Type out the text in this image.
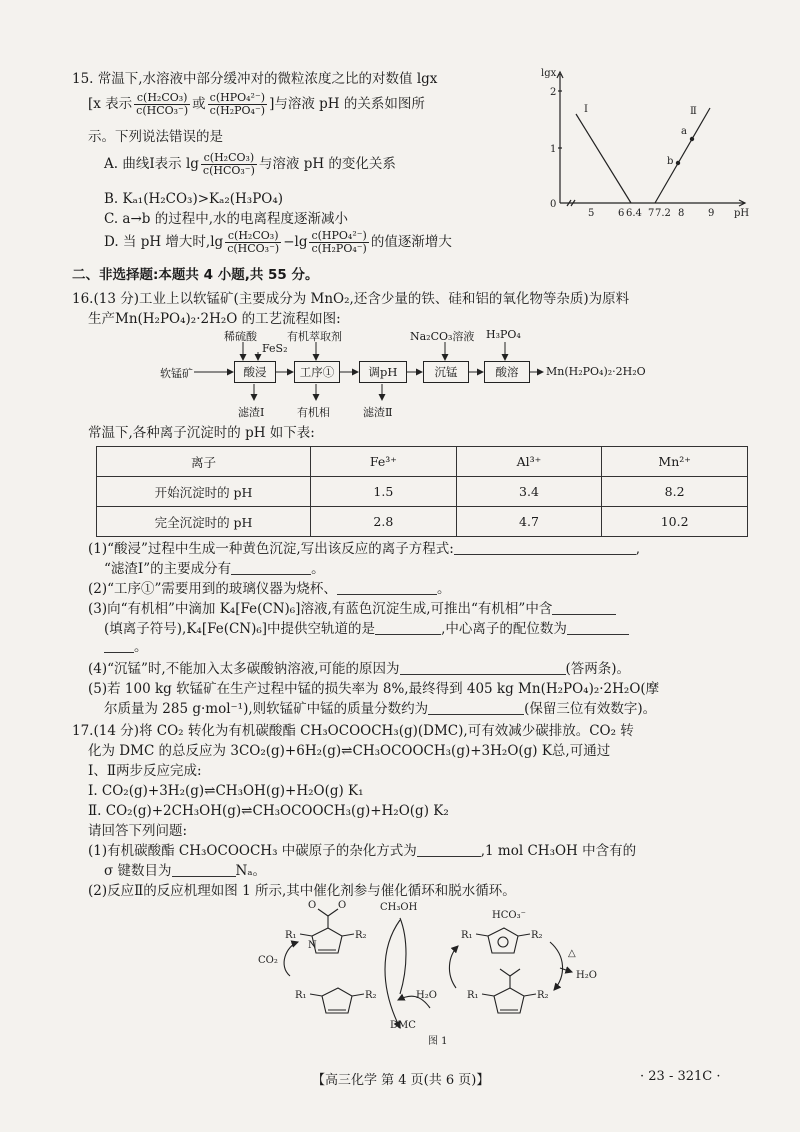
15. 常温下,水溶液中部分缓冲对的微粒浓度之比的对数值 lgx
[x 表示 $\frac{\text{c(H₂CO₃)}}{\text{c(HCO₃⁻)}}$ 或 $\frac{\text{c(HPO₄²⁻)}}{\text{c(H₂PO₄⁻)}}$ ]与溶液 pH 的关系如图所
示。下列说法错误的是
A. 曲线Ⅰ表示 $\lg \frac{\text{c(H₂CO₃)}}{\text{c(HCO₃⁻)}}$ 与溶液 pH 的变化关系
B. Kₐ₁(H₂CO₃)>Kₐ₂(H₃PO₄)
C. a→b 的过程中,水的电离程度逐渐减小
D. 当 pH 增大时$,\lg \frac{\text{c(H₂CO₃)}}{\text{c(HCO₃⁻)}} -\lg \frac{\text{c(HPO₄²⁻)}}{\text{c(H₂PO₄⁻)}}$ 的值逐渐增大
lgx
2
1
0
5 6 6.4 7 7.2 8 9 pH
Ⅰ	Ⅱ
a
b
二、非选择题:本题共 4 小题,共 55 分。
16.(13 分)工业上以软锰矿(主要成分为 MnO₂,还含少量的铁、硅和铝的氧化物等杂质)为原料
生产Mn(H₂PO₄)₂·2H₂O 的工艺流程如图:
稀硫酸
FeS₂
有机萃取剂	Na₂CO₃溶液 H₃PO₄
软锰矿	酸浸	工序①	调pH	沉锰	酸溶	Mn(H₂PO₄)₂·2H₂O
滤渣Ⅰ	有机相	滤渣Ⅱ
常温下,各种离子沉淀时的 pH 如下表:
离子	Fe³⁺	Al³⁺	Mn²⁺
开始沉淀时的 pH	1.5	3.4	8.2
完全沉淀时的 pH	2.8	4.7	10.2
(1)“酸浸”过程中生成一种黄色沉淀,写出该反应的离子方程式:	,
“滤渣Ⅰ”的主要成分有	。
(2)“工序①”需要用到的玻璃仪器为烧杯、	。
(3)向“有机相”中滴加 K₄[Fe(CN)₆]溶液,有蓝色沉淀生成,可推出“有机相”中含
(填离子符号),K₄[Fe(CN)₆]中提供空轨道的是	,中心离子的配位数为
。
(4)“沉锰”时,不能加入太多碳酸钠溶液,可能的原因为	(答两条)。
(5)若 100 kg 软锰矿在生产过程中锰的损失率为 8%,最终得到 405 kg Mn(H₂PO₄)₂·2H₂O(摩
尔质量为 285 g·mol⁻¹),则软锰矿中锰的质量分数约为	(保留三位有效数字)。
17.(14 分)将 CO₂ 转化为有机碳酸酯 CH₃OCOOCH₃(g)(DMC),可有效减少碳排放。CO₂ 转
化为 DMC 的总反应为 3CO₂(g)+6H₂(g)⇌CH₃OCOOCH₃(g)+3H₂O(g) K总,可通过
Ⅰ、Ⅱ两步反应完成:
Ⅰ. CO₂(g)+3H₂(g)⇌CH₃OH(g)+H₂O(g) K₁
Ⅱ. CO₂(g)+2CH₃OH(g)⇌CH₃OCOOCH₃(g)+H₂O(g) K₂
请回答下列问题:
(1)有机碳酸酯 CH₃OCOOCH₃ 中碳原子的杂化方式为	,1 mol CH₃OH 中含有的
σ 键数目为	Nₐ。
(2)反应Ⅱ的反应机理如图 1 所示,其中催化剂参与催化循环和脱水循环。
R₁	R₂
O O
N
R₁	R₂
CO₂
CH₃OH
H₂O
DMC
HCO₃⁻
R₁	R₂
R₁	R₂
△
H₂O
图 1
【高三化学 第 4 页(共 6 页)】	· 23 - 321C ·
